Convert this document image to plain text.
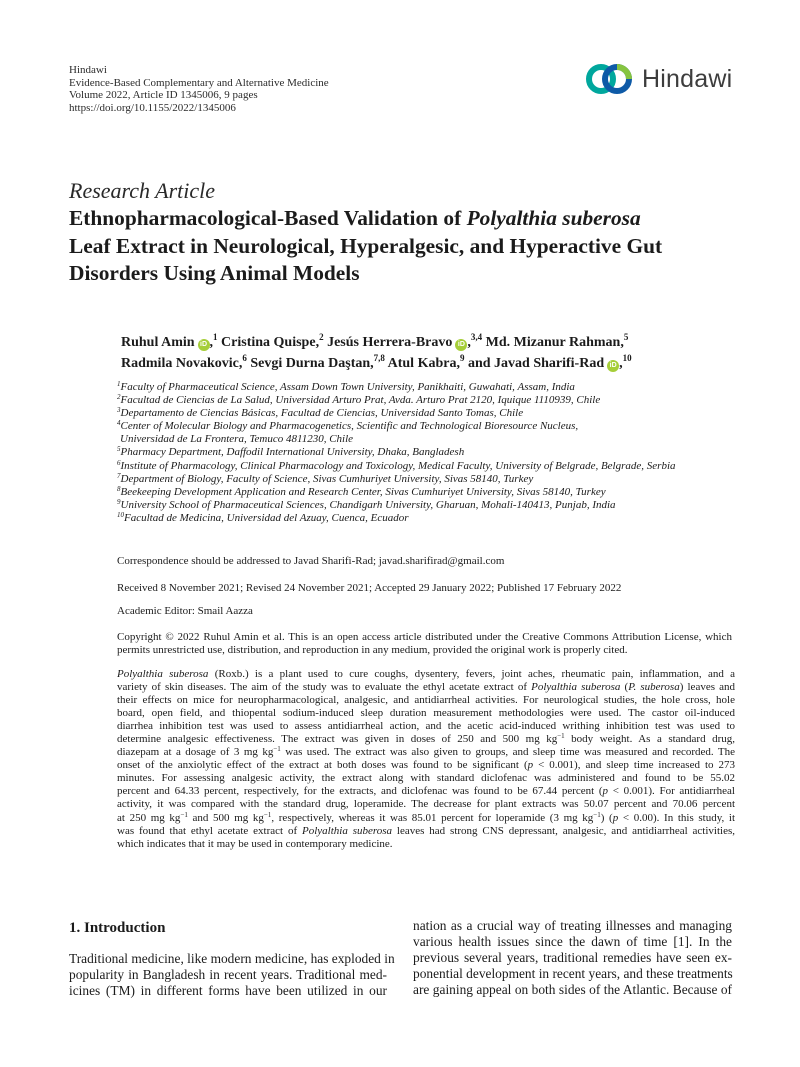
Hindawi
Evidence-Based Complementary and Alternative Medicine
Volume 2022, Article ID 1345006, 9 pages
https://doi.org/10.1155/2022/1345006
Hindawi
Research Article
Ethnopharmacological-Based Validation of Polyalthia suberosa
Leaf Extract in Neurological, Hyperalgesic, and Hyperactive Gut
Disorders Using Animal Models
Ruhul Amin iD ,$^1$ Cristina Quispe,$^2$ Jesús Herrera-Bravo iD ,$^{3,4}$ Md. Mizanur Rahman,$^5$
Radmila Novakovic,$^6$ Sevgi Durna Daştan,$^{7,8}$ Atul Kabra,$^9$ and Javad Sharifi-Rad iD ,$^{10}$
$^1$Faculty of Pharmaceutical Science, Assam Down Town University, Panikhaiti, Guwahati, Assam, India
$^2$Facultad de Ciencias de La Salud, Universidad Arturo Prat, Avda. Arturo Prat 2120, Iquique 1110939, Chile
$^3$Departamento de Ciencias Básicas, Facultad de Ciencias, Universidad Santo Tomas, Chile
$^4$Center of Molecular Biology and Pharmacogenetics, Scientific and Technological Bioresource Nucleus,
Universidad de La Frontera, Temuco 4811230, Chile
$^5$Pharmacy Department, Daffodil International University, Dhaka, Bangladesh
$^6$Institute of Pharmacology, Clinical Pharmacology and Toxicology, Medical Faculty, University of Belgrade, Belgrade, Serbia
$^7$Department of Biology, Faculty of Science, Sivas Cumhuriyet University, Sivas 58140, Turkey
$^8$Beekeeping Development Application and Research Center, Sivas Cumhuriyet University, Sivas 58140, Turkey
$^9$University School of Pharmaceutical Sciences, Chandigarh University, Gharuan, Mohali-140413, Punjab, India
$^{10}$Facultad de Medicina, Universidad del Azuay, Cuenca, Ecuador
Correspondence should be addressed to Javad Sharifi-Rad; javad.sharifirad@gmail.com
Received 8 November 2021; Revised 24 November 2021; Accepted 29 January 2022; Published 17 February 2022
Academic Editor: Smail Aazza
Copyright © 2022 Ruhul Amin et al. This is an open access article distributed under the Creative Commons Attribution License, which permits unrestricted use, distribution, and reproduction in any medium, provided the original work is properly cited.
Polyalthia suberosa (Roxb.) is a plant used to cure coughs, dysentery, fevers, joint aches, rheumatic pain, inflammation, and a
variety of skin diseases. The aim of the study was to evaluate the ethyl acetate extract of Polyalthia suberosa (P. suberosa) leaves and
their effects on mice for neuropharmacological, analgesic, and antidiarrheal activities. For neurological studies, the hole cross, hole
board, open field, and thiopental sodium-induced sleep duration measurement methodologies were used. The castor oil-induced
diarrhea inhibition test was used to assess antidiarrheal action, and the acetic acid-induced writhing inhibition test was used to
determine analgesic effectiveness. The extract was given in doses of 250 and 500 mg $kg^{-1}$ body weight. As a standard drug,
diazepam at a dosage of 3 mg $kg^{-1}$ was used. The extract was also given to groups, and sleep time was measured and recorded. The
onset of the anxiolytic effect of the extract at both doses was found to be significant (p < 0.001), and sleep time increased to 273
minutes. For assessing analgesic activity, the extract along with standard diclofenac was administered and found to be 55.02
percent and 64.33 percent, respectively, for the extracts, and diclofenac was found to be 67.44 percent (p < 0.001). For antidiarrheal
activity, it was compared with the standard drug, loperamide. The decrease for plant extracts was 50.07 percent and 70.06 percent
at 250 mg $kg^{-1}$ and 500 mg $kg^{-1}$, respectively, whereas it was 85.01 percent for loperamide (3 mg $kg^{-1}$) (p < 0.00). In this study, it
was found that ethyl acetate extract of Polyalthia suberosa leaves had strong CNS depressant, analgesic, and antidiarrheal activities,
which indicates that it may be used in contemporary medicine.
1. Introduction
Traditional medicine, like modern medicine, has exploded in
popularity in Bangladesh in recent years. Traditional med-
icines (TM) in different forms have been utilized in our
nation as a crucial way of treating illnesses and managing
various health issues since the dawn of time [1]. In the
previous several years, traditional remedies have seen ex-
ponential development in recent years, and these treatments
are gaining appeal on both sides of the Atlantic. Because of
